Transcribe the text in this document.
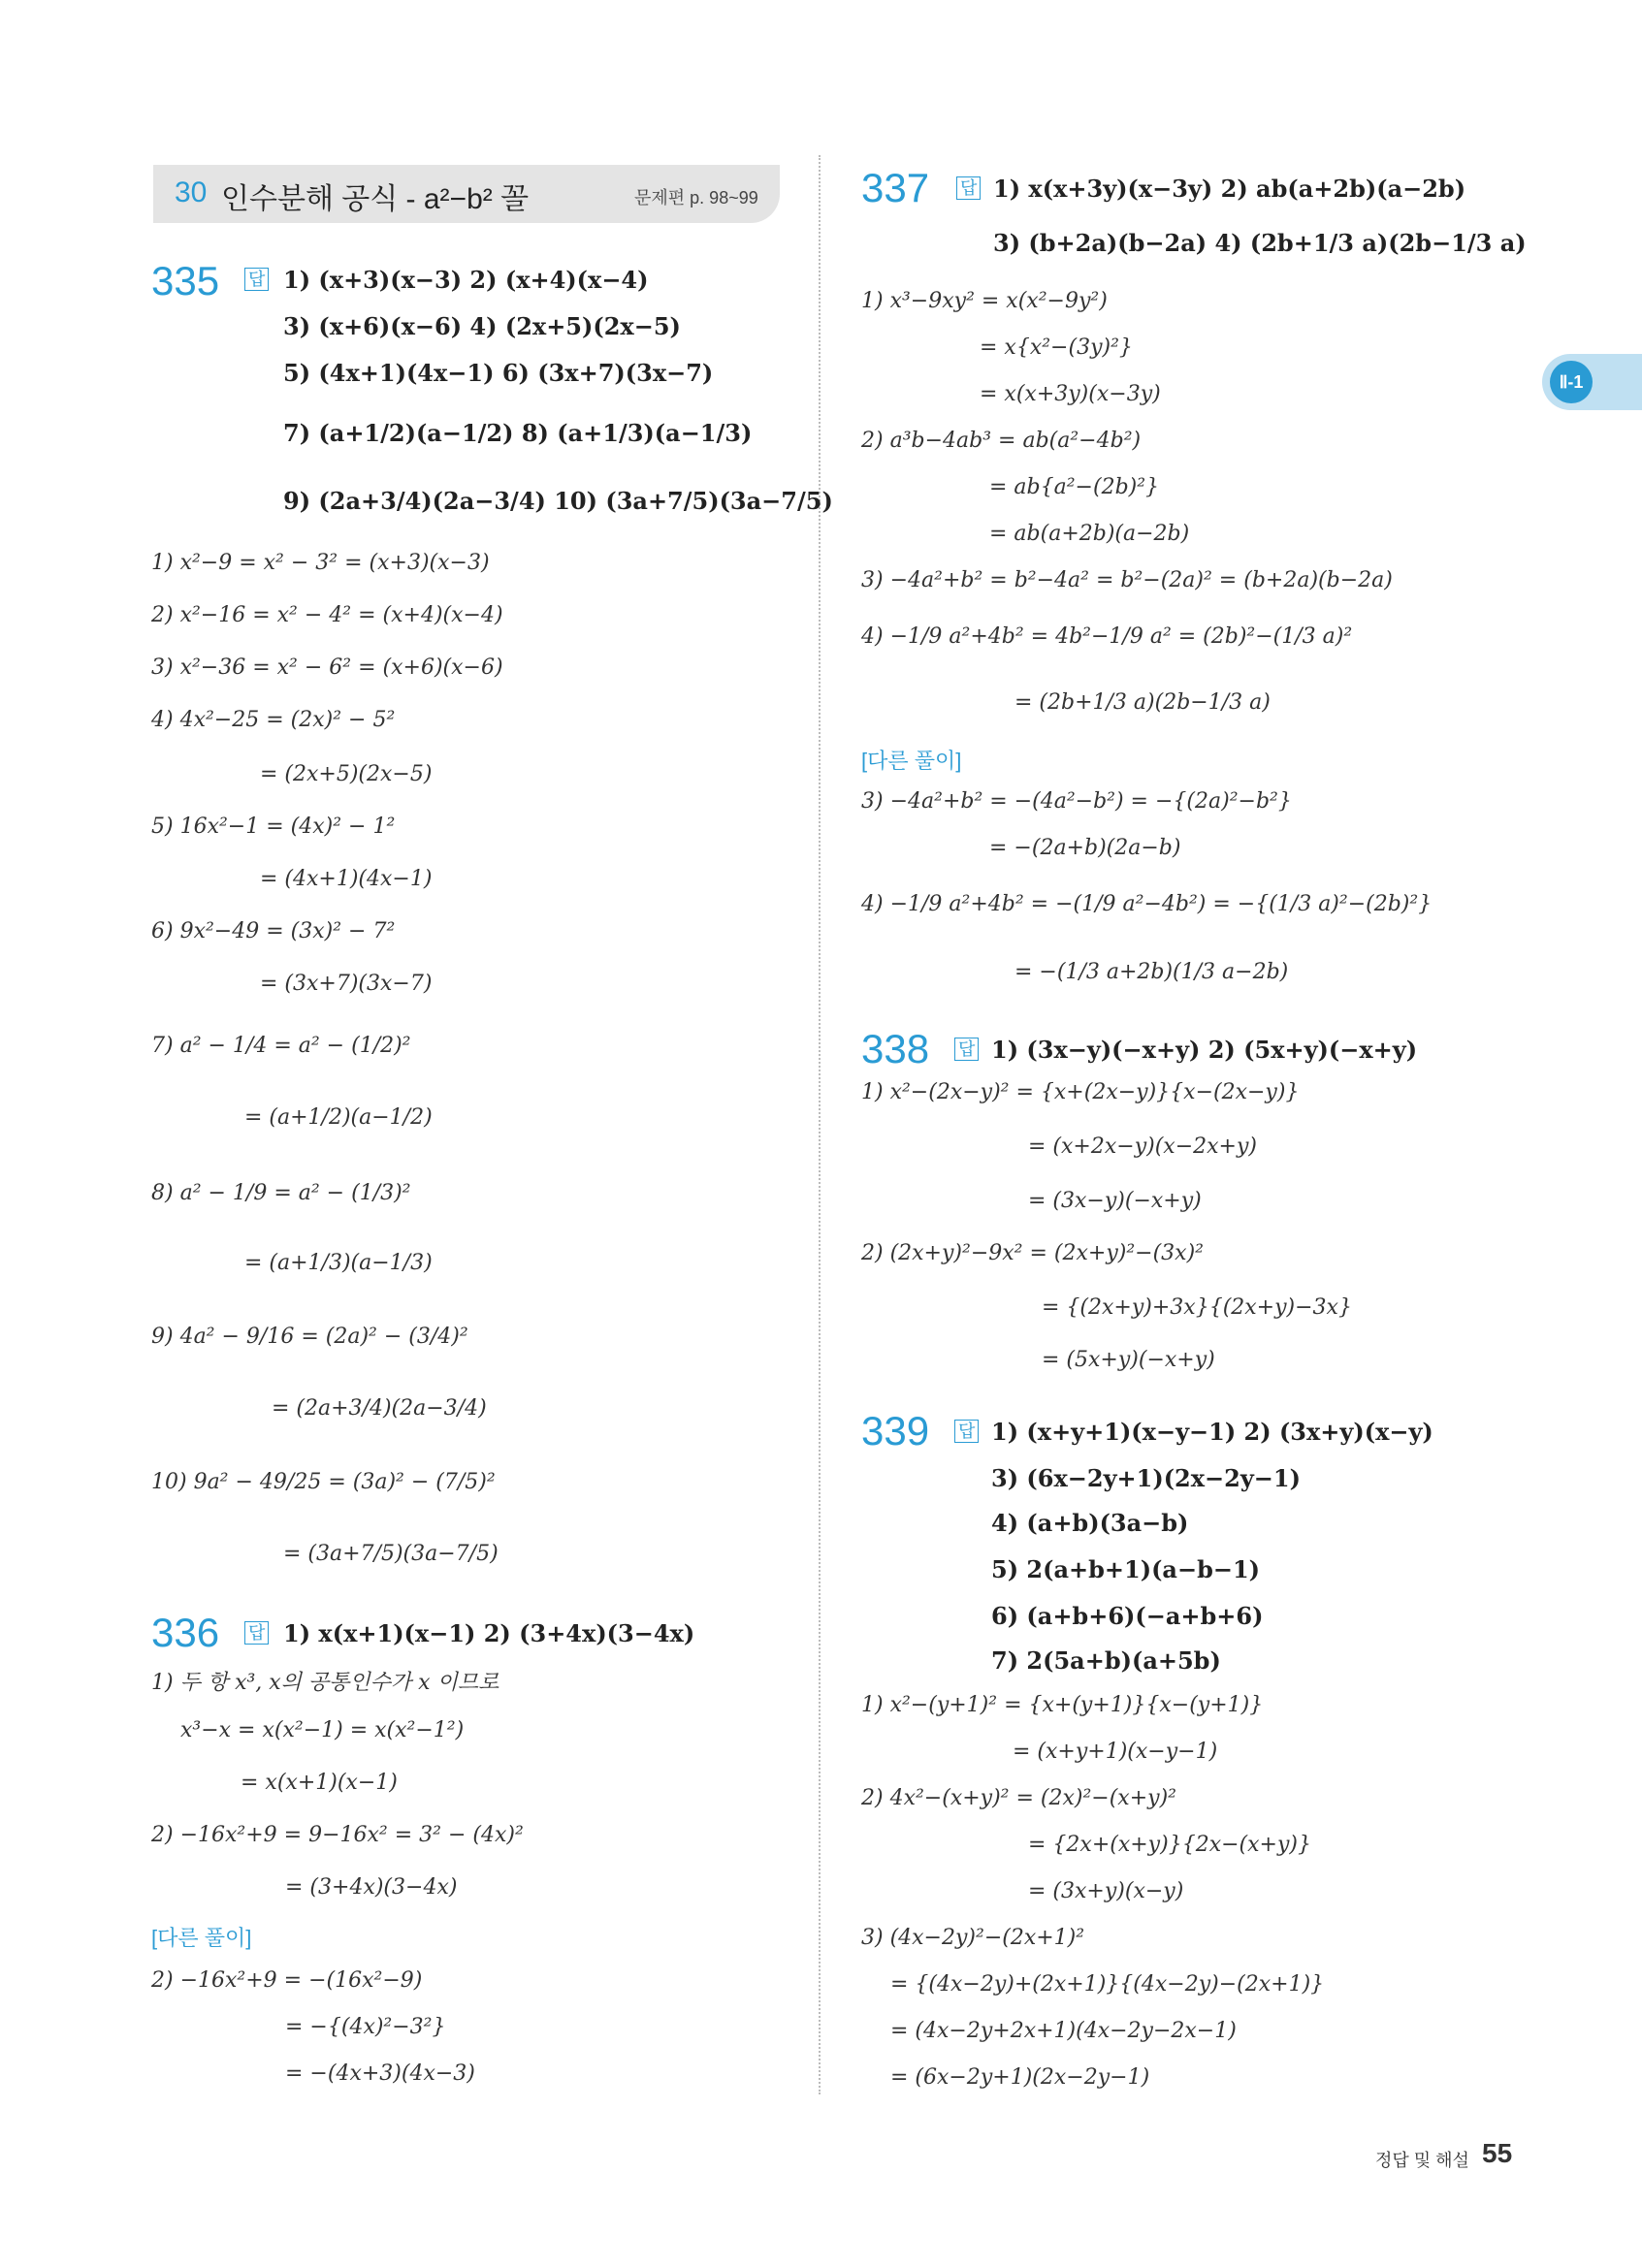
30 인수분해 공식 - a²−b² 꼴	문제편 p. 98~99
Ⅱ-1
335 답 1) (x+3)(x−3) 2) (x+4)(x−4)
3) (x+6)(x−6) 4) (2x+5)(2x−5)
5) (4x+1)(4x−1) 6) (3x+7)(3x−7)
7) (a+1/2)(a−1/2) 8) (a+1/3)(a−1/3)
9) (2a+3/4)(2a−3/4) 10) (3a+7/5)(3a−7/5)
1) x²−9 = x² − 3² = (x+3)(x−3)
2) x²−16 = x² − 4² = (x+4)(x−4)
3) x²−36 = x² − 6² = (x+6)(x−6)
4) 4x²−25 = (2x)² − 5²
= (2x+5)(2x−5)
5) 16x²−1 = (4x)² − 1²
= (4x+1)(4x−1)
6) 9x²−49 = (3x)² − 7²
= (3x+7)(3x−7)
7) a² − 1/4 = a² − (1/2)²
= (a+1/2)(a−1/2)
8) a² − 1/9 = a² − (1/3)²
= (a+1/3)(a−1/3)
9) 4a² − 9/16 = (2a)² − (3/4)²
= (2a+3/4)(2a−3/4)
10) 9a² − 49/25 = (3a)² − (7/5)²
= (3a+7/5)(3a−7/5)
336 답 1) x(x+1)(x−1) 2) (3+4x)(3−4x)
1) 두 항 x³, x의 공통인수가 x 이므로
x³−x = x(x²−1) = x(x²−1²)
= x(x+1)(x−1)
2) −16x²+9 = 9−16x² = 3² − (4x)²
= (3+4x)(3−4x)
[다른 풀이]
2) −16x²+9 = −(16x²−9)
= −{(4x)²−3²}
= −(4x+3)(4x−3)
337 답 1) x(x+3y)(x−3y) 2) ab(a+2b)(a−2b)
3) (b+2a)(b−2a) 4) (2b+1/3 a)(2b−1/3 a)
1) x³−9xy² = x(x²−9y²)
= x{x²−(3y)²}
= x(x+3y)(x−3y)
2) a³b−4ab³ = ab(a²−4b²)
= ab{a²−(2b)²}
= ab(a+2b)(a−2b)
3) −4a²+b² = b²−4a² = b²−(2a)² = (b+2a)(b−2a)
4) −1/9 a²+4b² = 4b²−1/9 a² = (2b)²−(1/3 a)²
= (2b+1/3 a)(2b−1/3 a)
[다른 풀이]
3) −4a²+b² = −(4a²−b²) = −{(2a)²−b²}
= −(2a+b)(2a−b)
4) −1/9 a²+4b² = −(1/9 a²−4b²) = −{(1/3 a)²−(2b)²}
= −(1/3 a+2b)(1/3 a−2b)
338 답 1) (3x−y)(−x+y) 2) (5x+y)(−x+y)
1) x²−(2x−y)² = {x+(2x−y)}{x−(2x−y)}
= (x+2x−y)(x−2x+y)
= (3x−y)(−x+y)
2) (2x+y)²−9x² = (2x+y)²−(3x)²
= {(2x+y)+3x}{(2x+y)−3x}
= (5x+y)(−x+y)
339 답 1) (x+y+1)(x−y−1) 2) (3x+y)(x−y)
3) (6x−2y+1)(2x−2y−1)
4) (a+b)(3a−b)
5) 2(a+b+1)(a−b−1)
6) (a+b+6)(−a+b+6)
7) 2(5a+b)(a+5b)
1) x²−(y+1)² = {x+(y+1)}{x−(y+1)}
= (x+y+1)(x−y−1)
2) 4x²−(x+y)² = (2x)²−(x+y)²
= {2x+(x+y)}{2x−(x+y)}
= (3x+y)(x−y)
3) (4x−2y)²−(2x+1)²
= {(4x−2y)+(2x+1)}{(4x−2y)−(2x+1)}
= (4x−2y+2x+1)(4x−2y−2x−1)
= (6x−2y+1)(2x−2y−1)
정답 및 해설 55
